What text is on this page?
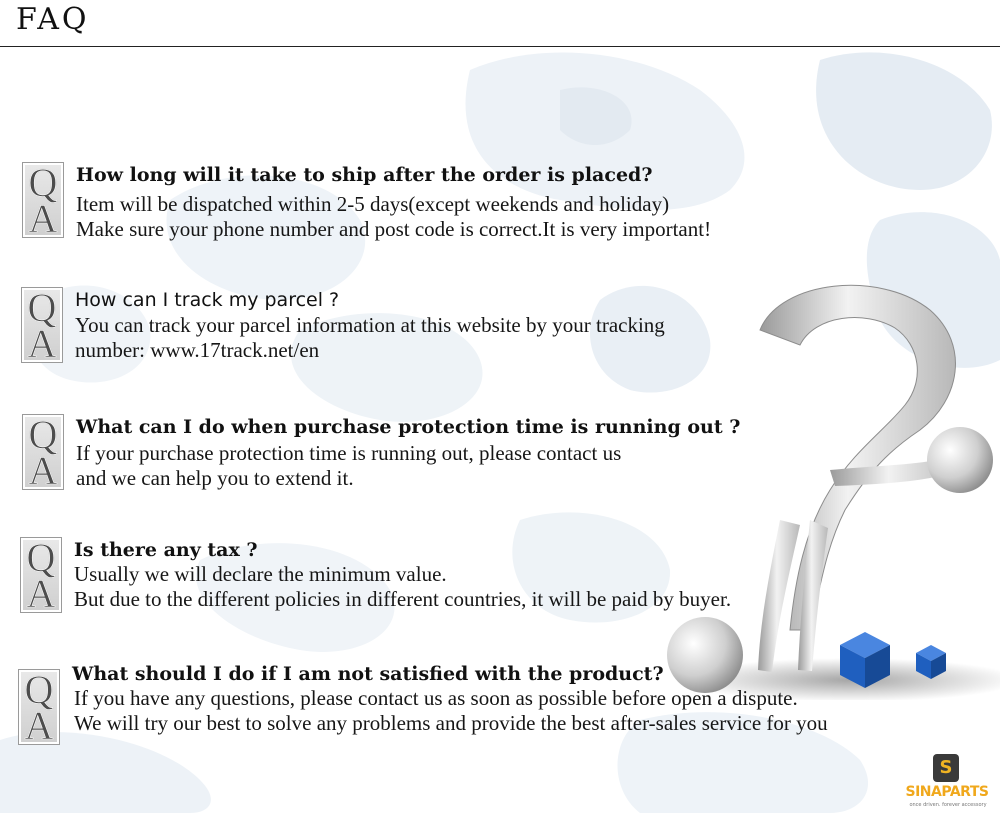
FAQ
Q
A
How long will it take to ship after the order is placed?
Item will be dispatched within 2-5 days(except weekends and holiday)
Make sure your phone number and post code is correct.It is very important!
Q
A
How can I track my parcel ?
You can track your parcel information at this website by your tracking
number: www.17track.net/en
Q
A
What can I do when purchase protection time is running out ?
If your purchase protection time is running out, please contact us
and we can help you to extend it.
Q
A
Is there any tax ?
Usually we will declare the minimum value.
But due to the different policies in different countries, it will be paid by buyer.
Q
A
What should I do if I am not satisfied with the product?
If you have any questions, please contact us as soon as possible before open a dispute.
We will try our best to solve any problems and provide the best after-sales service for you
S
SINAPARTS
once driven. forever accessory
